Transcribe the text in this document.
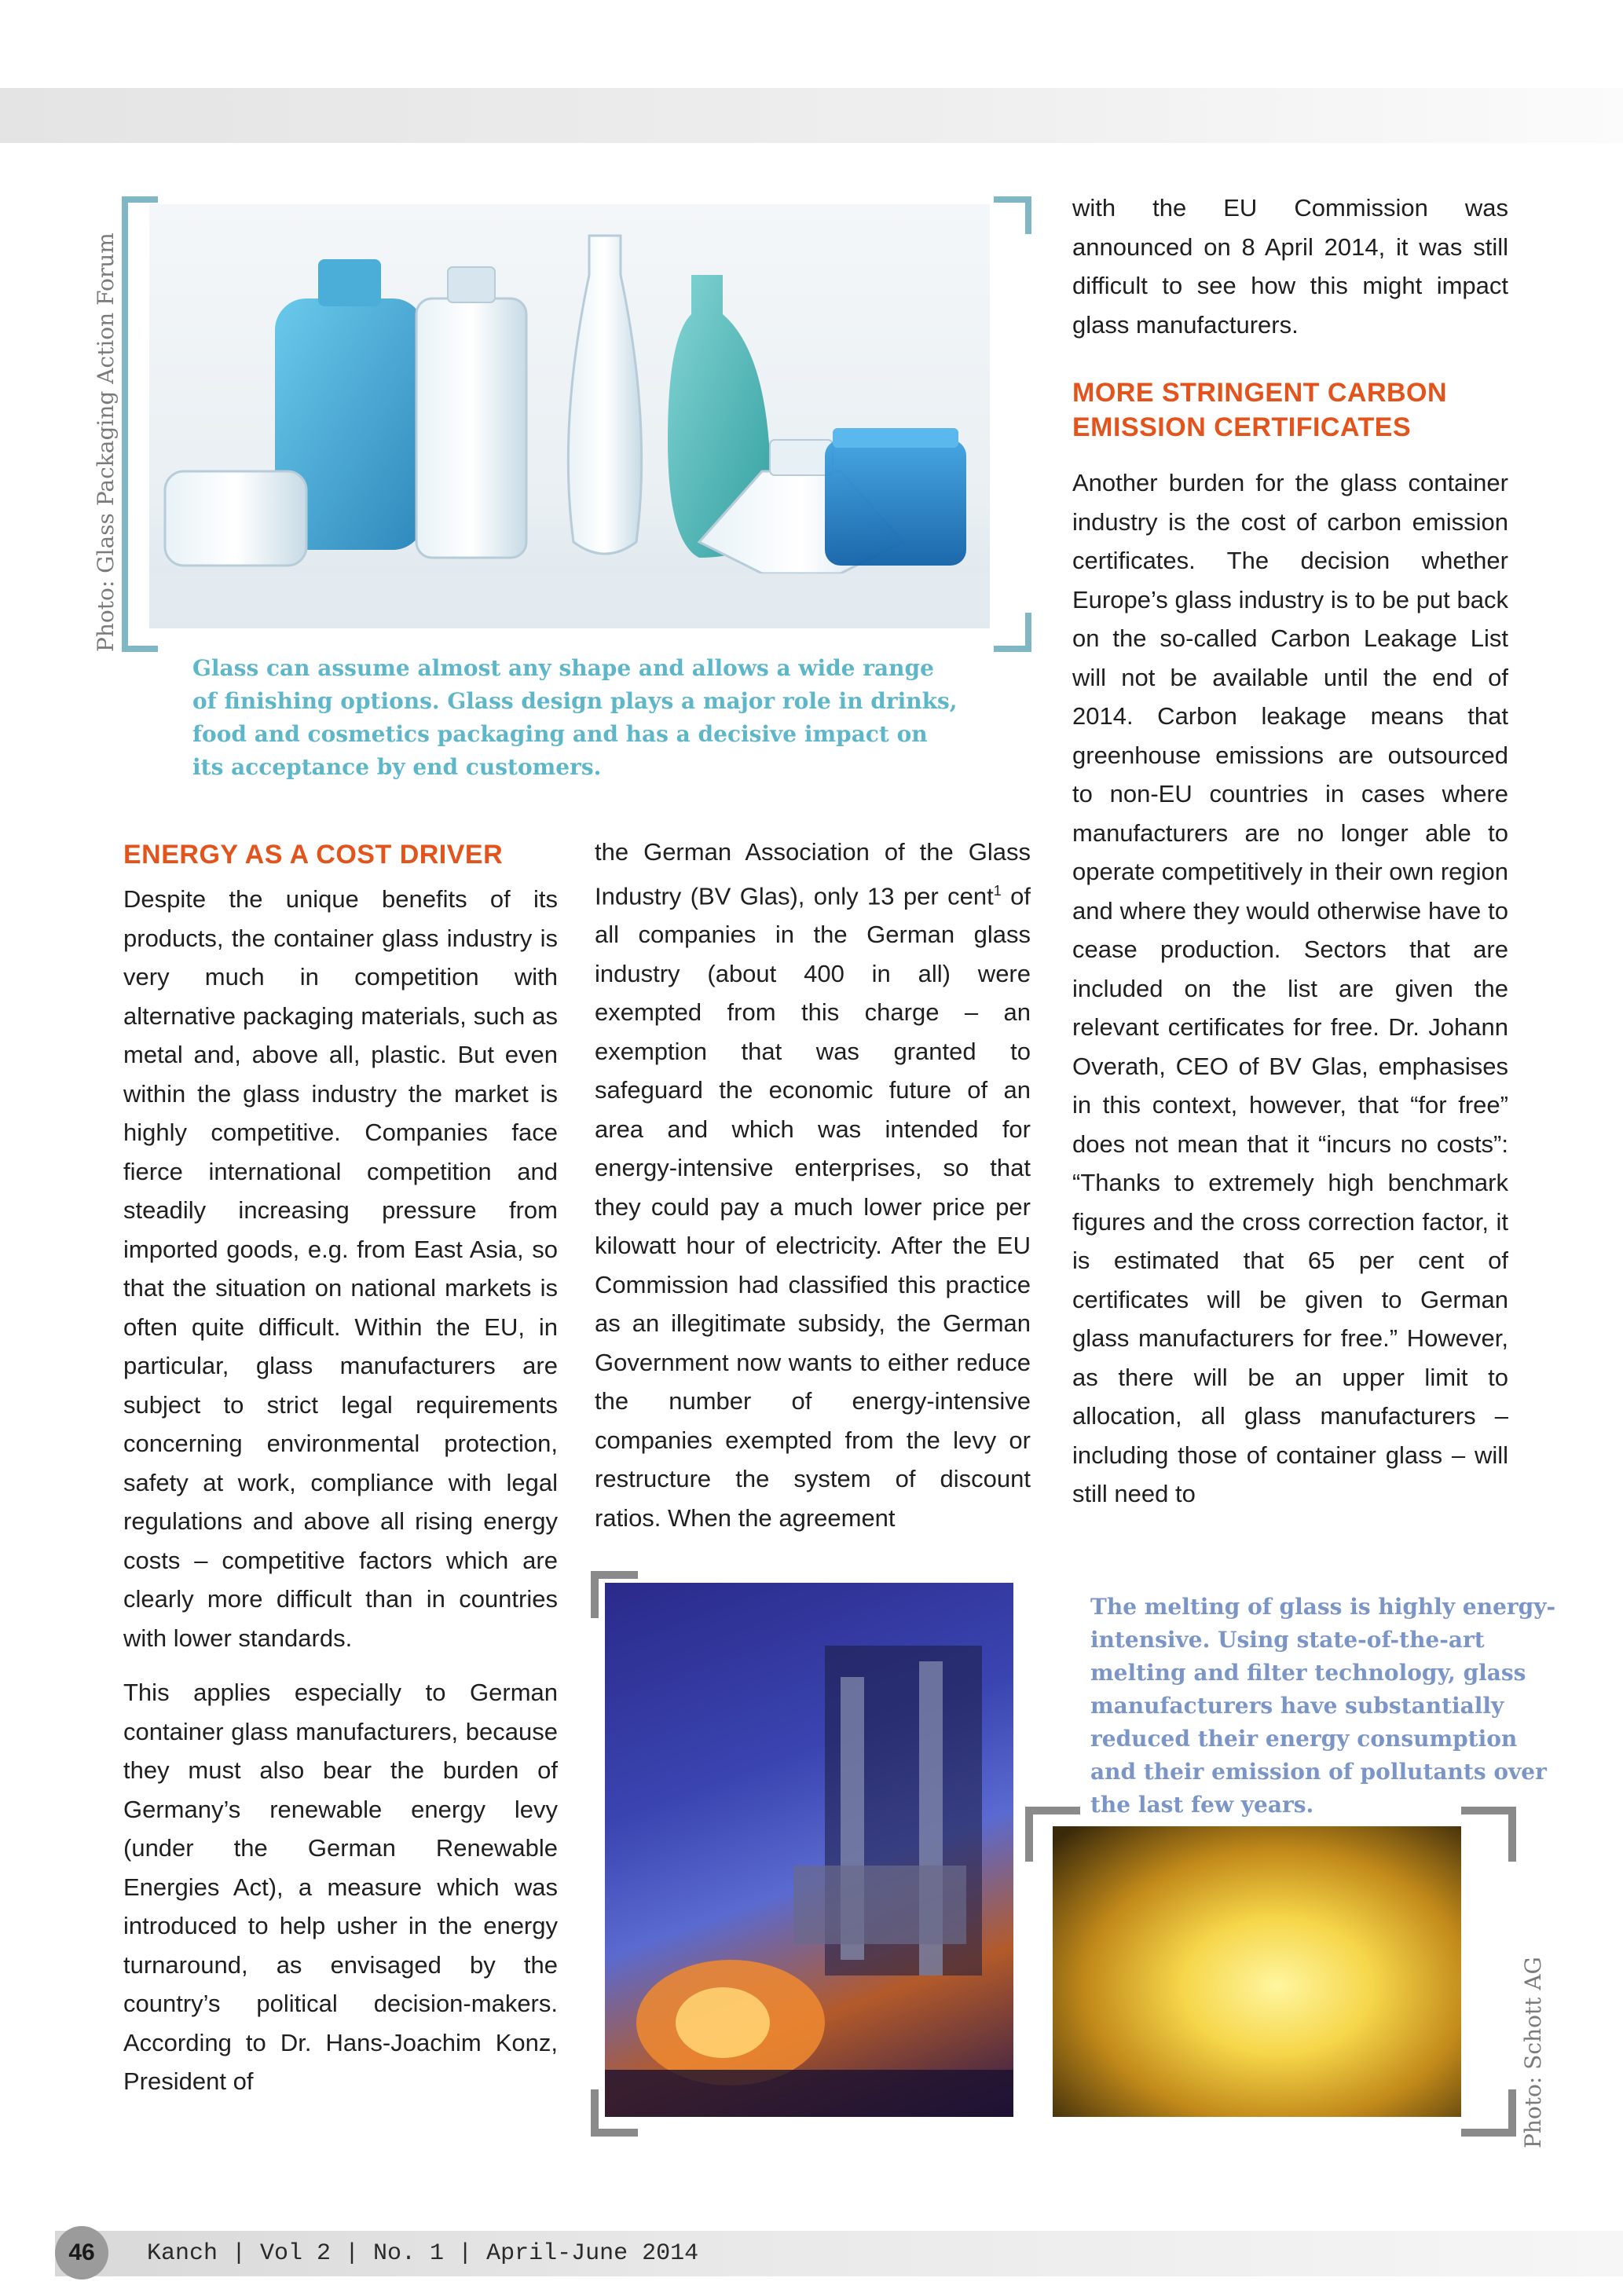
Photo: Glass Packaging Action Forum
Glass can assume almost any shape and allows a wide range of finishing options. Glass design plays a major role in drinks, food and cosmetics packaging and has a decisive impact on its acceptance by end customers.
ENERGY AS A COST DRIVER

Despite the unique benefits of its products, the container glass industry is very much in competition with alternative packaging materials, such as metal and, above all, plastic. But even within the glass industry the market is highly competitive. Companies face fierce international competition and steadily increasing pressure from imported goods, e.g. from East Asia, so that the situation on national markets is often quite difficult. Within the EU, in particular, glass manufacturers are subject to strict legal requirements concerning environmental protection, safety at work, compliance with legal regulations and above all rising energy costs – competitive factors which are clearly more difficult than in countries with lower standards.

This applies especially to German container glass manufacturers, because they must also bear the burden of Germany’s renewable energy levy (under the German Renewable Energies Act), a measure which was introduced to help usher in the energy turnaround, as envisaged by the country’s political decision-makers. According to Dr. Hans-Joachim Konz, President of

the German Association of the Glass Industry (BV Glas), only 13 per cent$^1$ of all companies in the German glass industry (about 400 in all) were exempted from this charge – an exemption that was granted to safeguard the economic future of an area and which was intended for energy-intensive enterprises, so that they could pay a much lower price per kilowatt hour of electricity. After the EU Commission had classified this practice as an illegitimate subsidy, the German Government now wants to either reduce the number of energy-intensive companies exempted from the levy or restructure the system of discount ratios. When the agreement

with the EU Commission was announced on 8 April 2014, it was still difficult to see how this might impact glass manufacturers.

MORE STRINGENT CARBON EMISSION CERTIFICATES

Another burden for the glass container industry is the cost of carbon emission certificates. The decision whether Europe’s glass industry is to be put back on the so-called Carbon Leakage List will not be available until the end of 2014. Carbon leakage means that greenhouse emissions are outsourced to non-EU countries in cases where manufacturers are no longer able to operate competitively in their own region and where they would otherwise have to cease production. Sectors that are included on the list are given the relevant certificates for free. Dr. Johann Overath, CEO of BV Glas, emphasises in this context, however, that “for free” does not mean that it “incurs no costs”: “Thanks to extremely high benchmark figures and the cross correction factor, it is estimated that 65 per cent of certificates will be given to German glass manufacturers for free.” However, as there will be an upper limit to allocation, all glass manufacturers – including those of container glass – will still need to

The melting of glass is highly energy-intensive. Using state-of-the-art melting and filter technology, glass manufacturers have substantially reduced their energy consumption and their emission of pollutants over the last few years.
Photo: Schott AG
46	Kanch | Vol 2 | No. 1 | April-June 2014
